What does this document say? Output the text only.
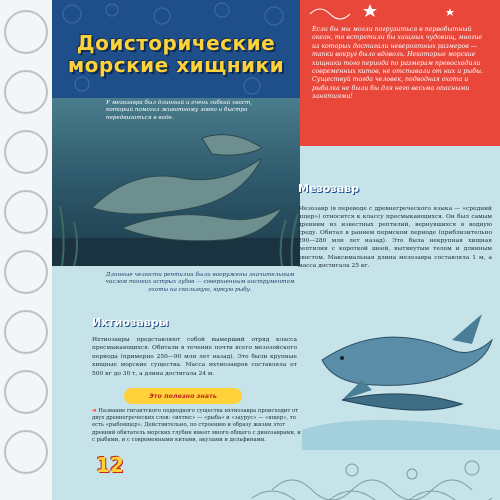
Доисторические морские хищники

Если бы мы могли погрузиться в первобытный океан, то встретили бы хищных чудовищ, многие из которых достигали невероятных размеров — тапки вокруг было вдоволь. Некоторые морские хищники того периода по размерам превосходили современных китов, не отставали от них и рыбы. Существуй тогда человек, подводная охота и рыбалка не были бы для него весьма опасными занятиями!

У мезозавра был длинный и очень гибкий хвост, который помогал животному ловко и быстро передвигаться в воде.
Длинные челюсти рептилии были вооружены значительным числом тонких острых зубов — совершенным инструментом охоты на скользкую, юркую рыбу.
Мезозавр
Мезозавр (в переводе с древнегреческого языка — «средний ящер») относится к классу пресмыкающихся. Он был самым древним из известных рептилий, вернувшихся в водную среду. Обитал в раннем пермском периоде (приблизительно 290—280 млн лет назад). Это была некрупная хищная рептилия с короткой шеей, вытянутым телом и длинным хвостом. Максимальная длина мезозавра составляла 1 м, а масса достигала 25 кг.
Ихтиозавры
Ихтиозавры представляют собой вымерший отряд класса пресмыкающихся. Обитали в течение почти всего мезозойского периода (примерно 250—90 млн лет назад). Это были крупные хищные морские существа. Масса ихтиозавров составляла от 500 кг до 30 т, а длина достигала 24 м.
Это полезно знать
➔ Название гигантского подводного существа ихтиозавра происходит от двух древнегреческих слов: «ихтюс» — «рыба» и «заурус» — «ящер», то есть «рыбоящер». Действительно, по строению и образу жизни этот древний обитатель морских глубин имеет много общего с динозаврами, и с рыбами, и с современными китами, акулами и дельфинами.
12
